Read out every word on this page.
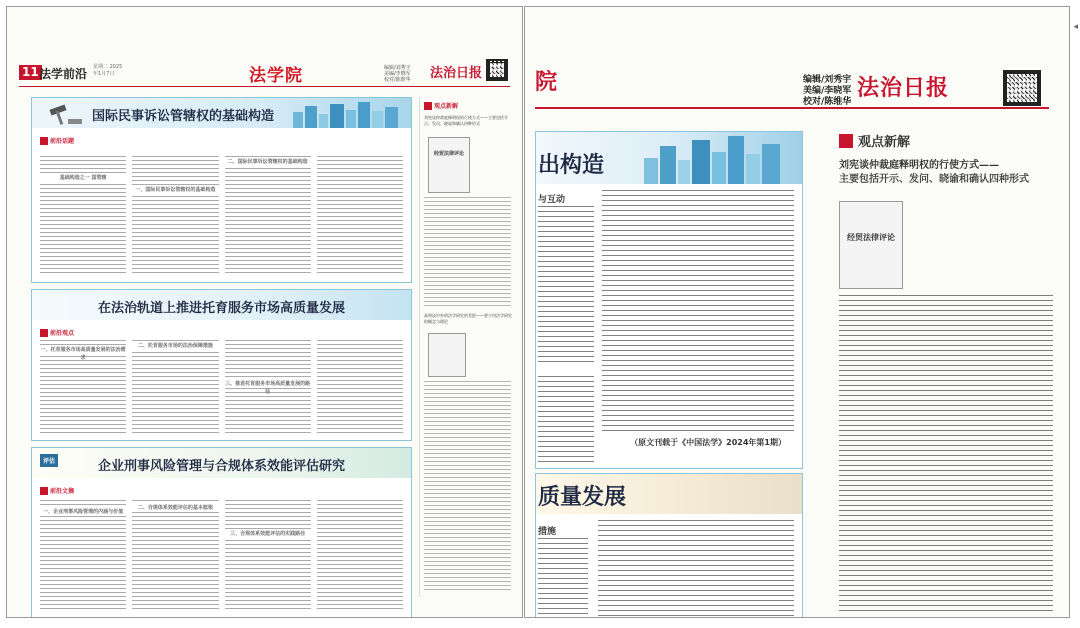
11 法学前沿 星期二 2025年1月7日	法学院	编辑/刘秀宇 美编/李晓军 校对/陈维华 法治日报
国际民事诉讼管辖权的基础构造
前沿话题
基础构造之一 国管辖
一、国际民事诉讼管辖权的基础构造
二、国际民事诉讼管辖权的基础构造
在法治轨道上推进托育服务市场高质量发展
前沿观点
一、托育服务市场高质量发展的法治需求
二、托育服务市场的法治保障措施
三、推进托育服务市场高质量发展的路径
评估	企业刑事风险管理与合规体系效能评估研究
前沿文摘
一、企业刑事风险管理的内涵与价值
二、合规体系效能评估的基本框架
三、合规体系效能评估的实践路径
观点新解
刘宪谈仲裁庭释明权的行使方式——主要包括开示、发问、晓谕和确认四种形式
经贸法律评论
高明谈中外刑法学研究的差距——要少用法学研究的概念与理论
院	编辑/刘秀宇
美编/李晓军
校对/陈维华
法治日报
出构造
与互动
（原文刊载于《中国法学》2024年第1期）
质量发展
措施
观点新解
刘宪谈仲裁庭释明权的行使方式——
主要包括开示、发问、晓谕和确认四种形式
经贸法律评论
◂
